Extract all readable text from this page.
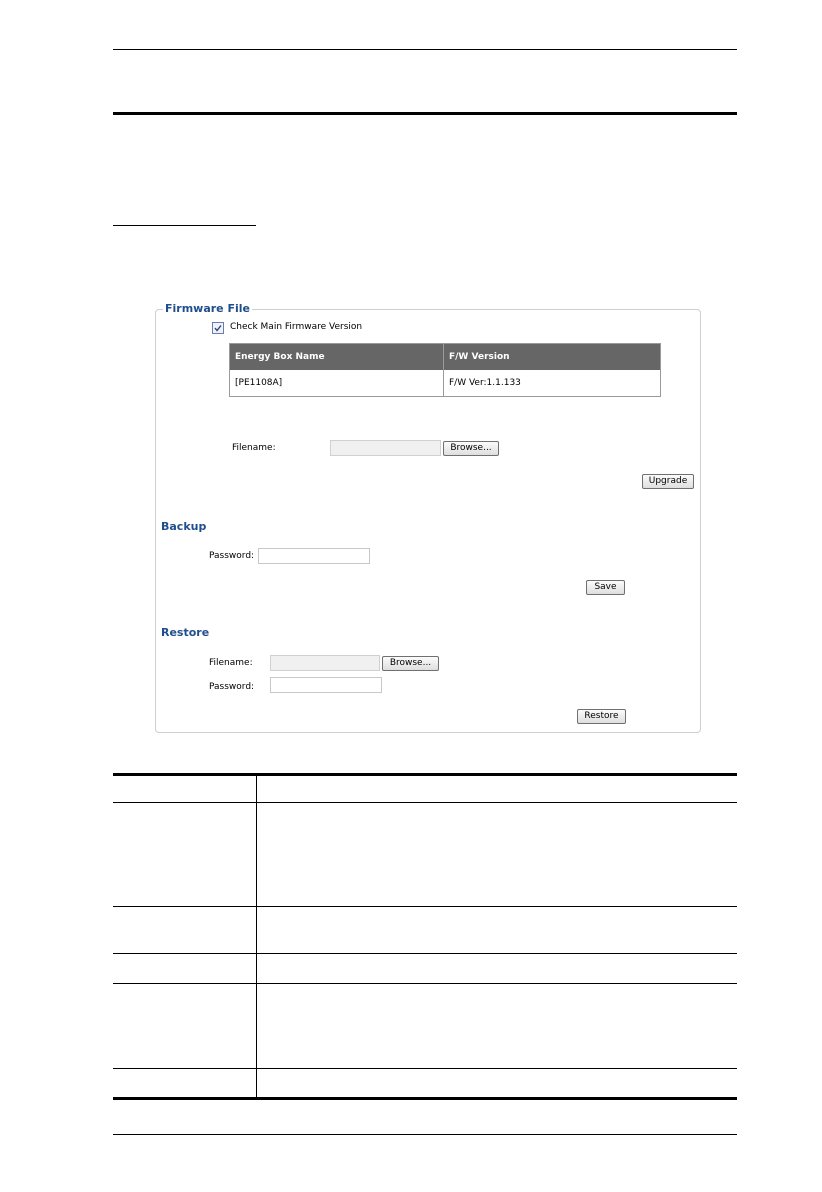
Firmware File
Check Main Firmware Version
Energy Box Name	F/W Version
[PE1108A]	F/W Ver:1.1.133
Filename:	Browse...
Upgrade
Backup
Password:
Save
Restore
Filename:	Browse...
Password:
Restore
